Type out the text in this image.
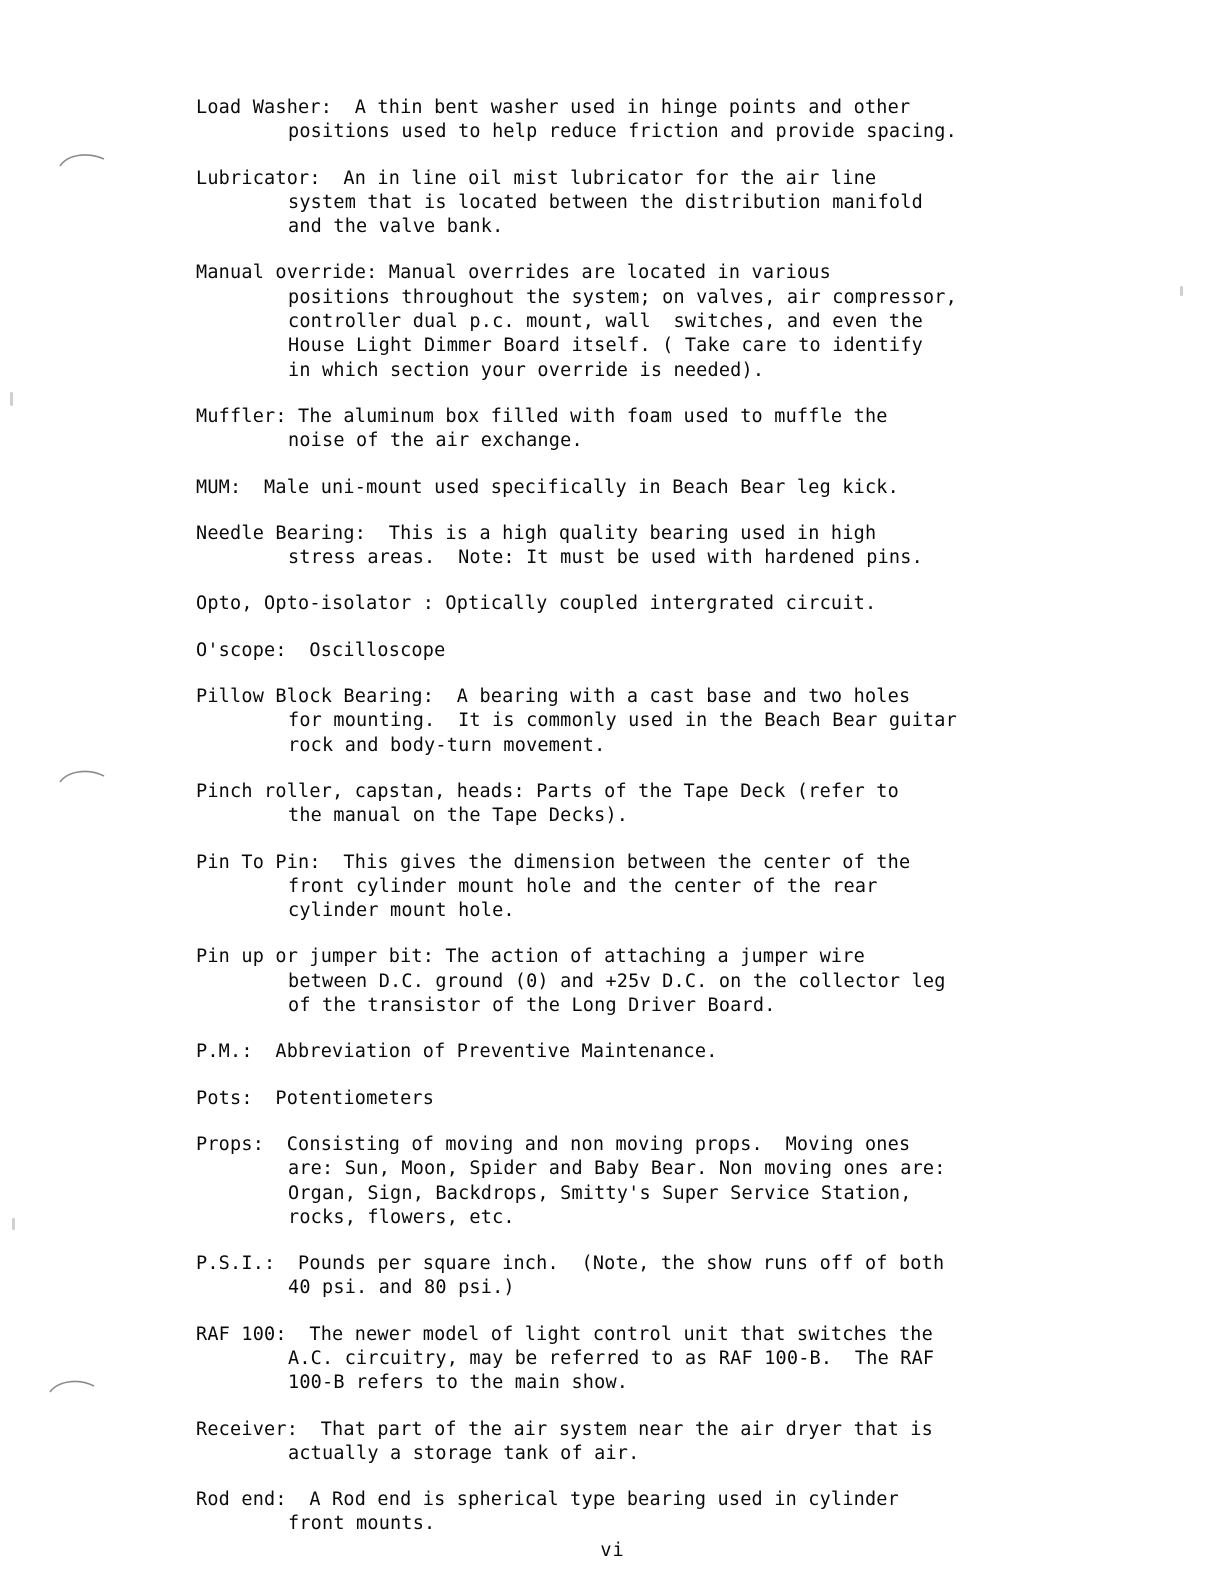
Load Washer:  A thin bent washer used in hinge points and other
positions used to help reduce friction and provide spacing.
Lubricator:  An in line oil mist lubricator for the air line
system that is located between the distribution manifold
and the valve bank.
Manual override: Manual overrides are located in various
positions throughout the system; on valves, air compressor,
controller dual p.c. mount, wall  switches, and even the
House Light Dimmer Board itself. ( Take care to identify
in which section your override is needed).
Muffler: The aluminum box filled with foam used to muffle the
noise of the air exchange.
MUM:  Male uni-mount used specifically in Beach Bear leg kick.
Needle Bearing:  This is a high quality bearing used in high
stress areas.  Note: It must be used with hardened pins.
Opto, Opto-isolator : Optically coupled intergrated circuit.
O'scope:  Oscilloscope
Pillow Block Bearing:  A bearing with a cast base and two holes
for mounting.  It is commonly used in the Beach Bear guitar
rock and body-turn movement.
Pinch roller, capstan, heads: Parts of the Tape Deck (refer to
the manual on the Tape Decks).
Pin To Pin:  This gives the dimension between the center of the
front cylinder mount hole and the center of the rear
cylinder mount hole.
Pin up or jumper bit: The action of attaching a jumper wire
between D.C. ground (0) and +25v D.C. on the collector leg
of the transistor of the Long Driver Board.
P.M.:  Abbreviation of Preventive Maintenance.
Pots:  Potentiometers
Props:  Consisting of moving and non moving props.  Moving ones
are: Sun, Moon, Spider and Baby Bear. Non moving ones are:
Organ, Sign, Backdrops, Smitty's Super Service Station,
rocks, flowers, etc.
P.S.I.:  Pounds per square inch.  (Note, the show runs off of both
40 psi. and 80 psi.)
RAF 100:  The newer model of light control unit that switches the
A.C. circuitry, may be referred to as RAF 100-B.  The RAF
100-B refers to the main show.
Receiver:  That part of the air system near the air dryer that is
actually a storage tank of air.
Rod end:  A Rod end is spherical type bearing used in cylinder
front mounts.
vi
